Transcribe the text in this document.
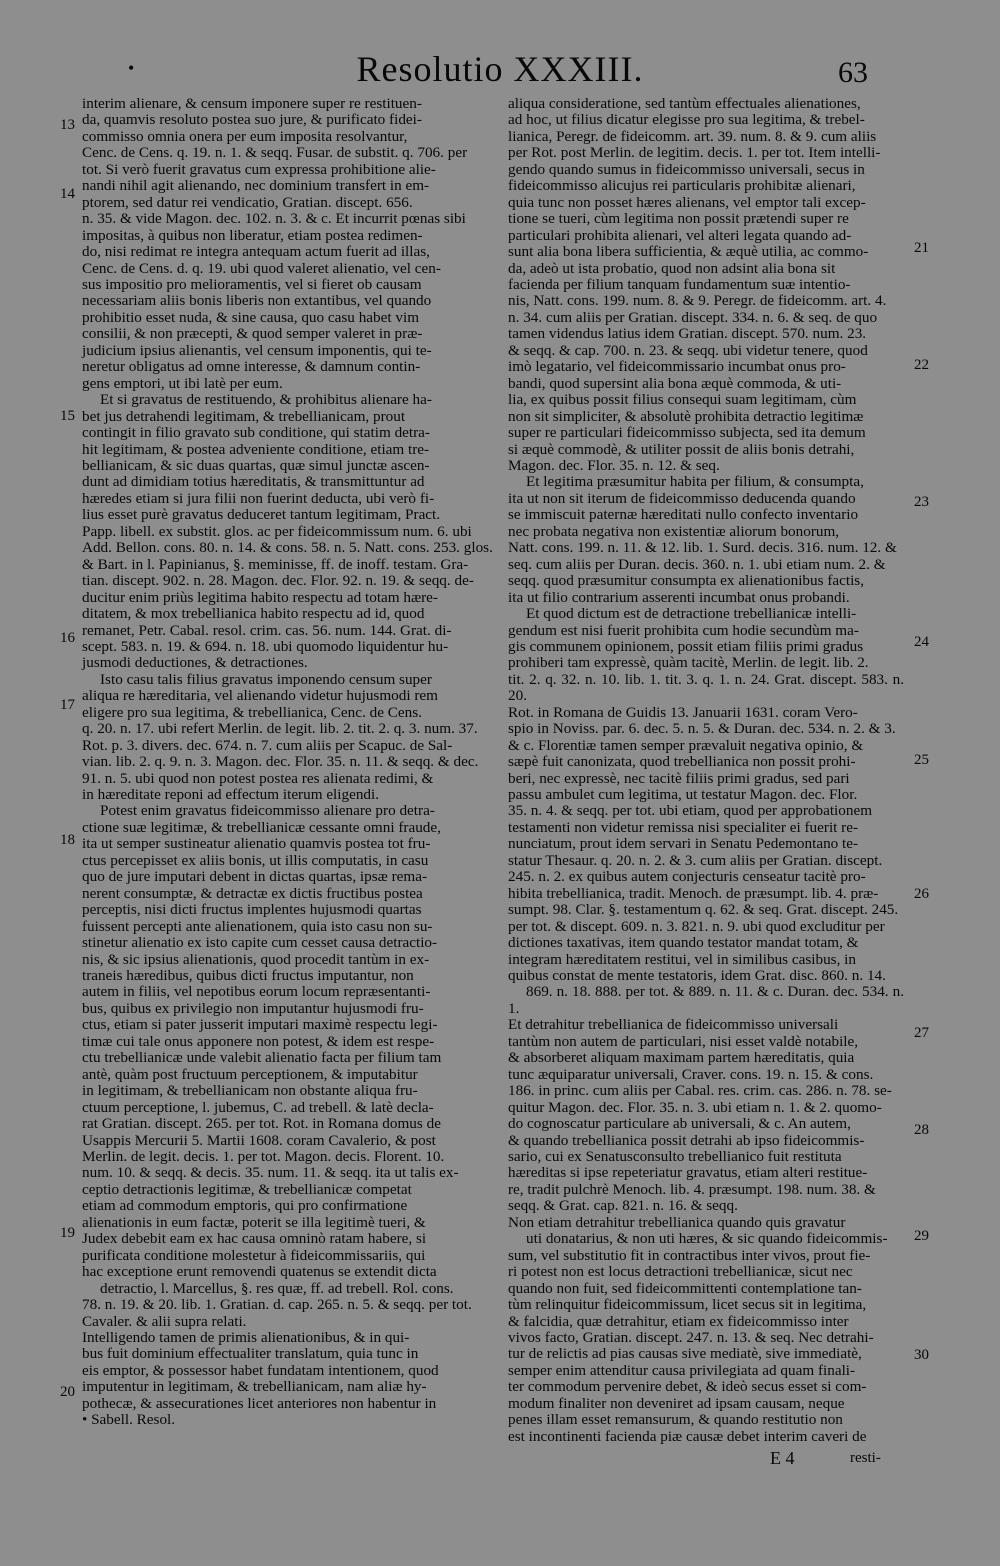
•	Resolutio XXXIII.	63

interim alienare, & censum imponere super re restituen-

da, quamvis resoluto postea suo jure, & purificato fidei-

commisso omnia onera per eum imposita resolvantur,

Cenc. de Cens. q. 19. n. 1. & seqq. Fusar. de substit. q. 706. per

tot. Si verò fuerit gravatus cum expressa prohibitione alie-

nandi nihil agit alienando, nec dominium transfert in em-

ptorem, sed datur rei vendicatio, Gratian. discept. 656.

n. 35. & vide Magon. dec. 102. n. 3. & c. Et incurrit pœnas sibi

impositas, à quibus non liberatur, etiam postea redimen-

do, nisi redimat re integra antequam actum fuerit ad illas,

Cenc. de Cens. d. q. 19. ubi quod valeret alienatio, vel cen-

sus impositio pro melioramentis, vel si fieret ob causam

necessariam aliis bonis liberis non extantibus, vel quando

prohibitio esset nuda, & sine causa, quo casu habet vim

consilii, & non præcepti, & quod semper valeret in præ-

judicium ipsius alienantis, vel censum imponentis, qui te-

neretur obligatus ad omne interesse, & damnum contin-

gens emptori, ut ibi latè per eum.

Et si gravatus de restituendo, & prohibitus alienare ha-

bet jus detrahendi legitimam, & trebellianicam, prout

contingit in filio gravato sub conditione, qui statim detra-

hit legitimam, & postea adveniente conditione, etiam tre-

bellianicam, & sic duas quartas, quæ simul junctæ ascen-

dunt ad dimidiam totius hæreditatis, & transmittuntur ad

hæredes etiam si jura filii non fuerint deducta, ubi verò fi-

lius esset purè gravatus deduceret tantum legitimam, Pract.

Papp. libell. ex substit. glos. ac per fideicommissum num. 6. ubi

Add. Bellon. cons. 80. n. 14. & cons. 58. n. 5. Natt. cons. 253. glos.

& Bart. in l. Papinianus, §. meminisse, ff. de inoff. testam. Gra-

tian. discept. 902. n. 28. Magon. dec. Flor. 92. n. 19. & seqq. de-

ducitur enim priùs legitima habito respectu ad totam hære-

ditatem, & mox trebellianica habito respectu ad id, quod

remanet, Petr. Cabal. resol. crim. cas. 56. num. 144. Grat. di-

scept. 583. n. 19. & 694. n. 18. ubi quomodo liquidentur hu-

jusmodi deductiones, & detractiones.

Isto casu talis filius gravatus imponendo censum super

aliqua re hæreditaria, vel alienando videtur hujusmodi rem

eligere pro sua legitima, & trebellianica, Cenc. de Cens.

q. 20. n. 17. ubi refert Merlin. de legit. lib. 2. tit. 2. q. 3. num. 37.

Rot. p. 3. divers. dec. 674. n. 7. cum aliis per Scapuc. de Sal-

vian. lib. 2. q. 9. n. 3. Magon. dec. Flor. 35. n. 11. & seqq. & dec.

91. n. 5. ubi quod non potest postea res alienata redimi, &

in hæreditate reponi ad effectum iterum eligendi.

Potest enim gravatus fideicommisso alienare pro detra-

ctione suæ legitimæ, & trebellianicæ cessante omni fraude,

ita ut semper sustineatur alienatio quamvis postea tot fru-

ctus percepisset ex aliis bonis, ut illis computatis, in casu

quo de jure imputari debent in dictas quartas, ipsæ rema-

nerent consumptæ, & detractæ ex dictis fructibus postea

perceptis, nisi dicti fructus implentes hujusmodi quartas

fuissent percepti ante alienationem, quia isto casu non su-

stinetur alienatio ex isto capite cum cesset causa detractio-

nis, & sic ipsius alienationis, quod procedit tantùm in ex-

traneis hæredibus, quibus dicti fructus imputantur, non

autem in filiis, vel nepotibus eorum locum repræsentanti-

bus, quibus ex privilegio non imputantur hujusmodi fru-

ctus, etiam si pater jusserit imputari maximè respectu legi-

timæ cui tale onus apponere non potest, & idem est respe-

ctu trebellianicæ unde valebit alienatio facta per filium tam

antè, quàm post fructuum perceptionem, & imputabitur

in legitimam, & trebellianicam non obstante aliqua fru-

ctuum perceptione, l. jubemus, C. ad trebell. & latè decla-

rat Gratian. discept. 265. per tot. Rot. in Romana domus de

Usappis Mercurii 5. Martii 1608. coram Cavalerio, & post

Merlin. de legit. decis. 1. per tot. Magon. decis. Florent. 10.

num. 10. & seqq. & decis. 35. num. 11. & seqq. ita ut talis ex-

ceptio detractionis legitimæ, & trebellianicæ competat

etiam ad commodum emptoris, qui pro confirmatione

alienationis in eum factæ, poterit se illa legitimè tueri, &

Judex debebit eam ex hac causa omninò ratam habere, si

purificata conditione molestetur à fideicommissariis, qui

hac exceptione erunt removendi quatenus se extendit dicta

detractio, l. Marcellus, §. res quæ, ff. ad trebell. Rol. cons.

78. n. 19. & 20. lib. 1. Gratian. d. cap. 265. n. 5. & seqq. per tot.

Cavaler. & alii supra relati.

Intelligendo tamen de primis alienationibus, & in qui-

bus fuit dominium effectualiter translatum, quia tunc in

eis emptor, & possessor habet fundatam intentionem, quod

imputentur in legitimam, & trebellianicam, nam aliæ hy-

pothecæ, & assecurationes licet anteriores non habentur in

• Sabell. Resol.

aliqua consideratione, sed tantùm effectuales alienationes,

ad hoc, ut filius dicatur elegisse pro sua legitima, & trebel-

lianica, Peregr. de fideicomm. art. 39. num. 8. & 9. cum aliis

per Rot. post Merlin. de legitim. decis. 1. per tot. Item intelli-

gendo quando sumus in fideicommisso universali, secus in

fideicommisso alicujus rei particularis prohibitæ alienari,

quia tunc non posset hæres alienans, vel emptor tali excep-

tione se tueri, cùm legitima non possit prætendi super re

particulari prohibita alienari, vel alteri legata quando ad-

sunt alia bona libera sufficientia, & æquè utilia, ac commo-

da, adeò ut ista probatio, quod non adsint alia bona sit

facienda per filium tanquam fundamentum suæ intentio-

nis, Natt. cons. 199. num. 8. & 9. Peregr. de fideicomm. art. 4.

n. 34. cum aliis per Gratian. discept. 334. n. 6. & seq. de quo

tamen videndus latius idem Gratian. discept. 570. num. 23.

& seqq. & cap. 700. n. 23. & seqq. ubi videtur tenere, quod

imò legatario, vel fideicommissario incumbat onus pro-

bandi, quod supersint alia bona æquè commoda, & uti-

lia, ex quibus possit filius consequi suam legitimam, cùm

non sit simpliciter, & absolutè prohibita detractio legitimæ

super re particulari fideicommisso subjecta, sed ita demum

si æquè commodè, & utiliter possit de aliis bonis detrahi,

Magon. dec. Flor. 35. n. 12. & seq.

Et legitima præsumitur habita per filium, & consumpta,

ita ut non sit iterum de fideicommisso deducenda quando

se immiscuit paternæ hæreditati nullo confecto inventario

nec probata negativa non existentiæ aliorum bonorum,

Natt. cons. 199. n. 11. & 12. lib. 1. Surd. decis. 316. num. 12. &

seq. cum aliis per Duran. decis. 360. n. 1. ubi etiam num. 2. &

seqq. quod præsumitur consumpta ex alienationibus factis,

ita ut filio contrarium asserenti incumbat onus probandi.

Et quod dictum est de detractione trebellianicæ intelli-

gendum est nisi fuerit prohibita cum hodie secundùm ma-

gis communem opinionem, possit etiam filiis primi gradus

prohiberi tam expressè, quàm tacitè, Merlin. de legit. lib. 2.

tit. 2. q. 32. n. 10. lib. 1. tit. 3. q. 1. n. 24. Grat. discept. 583. n. 20.

Rot. in Romana de Guidis 13. Januarii 1631. coram Vero-

spio in Noviss. par. 6. dec. 5. n. 5. & Duran. dec. 534. n. 2. & 3.

& c. Florentiæ tamen semper prævaluit negativa opinio, &

sæpè fuit canonizata, quod trebellianica non possit prohi-

beri, nec expressè, nec tacitè filiis primi gradus, sed pari

passu ambulet cum legitima, ut testatur Magon. dec. Flor.

35. n. 4. & seqq. per tot. ubi etiam, quod per approbationem

testamenti non videtur remissa nisi specialiter ei fuerit re-

nunciatum, prout idem servari in Senatu Pedemontano te-

statur Thesaur. q. 20. n. 2. & 3. cum aliis per Gratian. discept.

245. n. 2. ex quibus autem conjecturis censeatur tacitè pro-

hibita trebellianica, tradit. Menoch. de præsumpt. lib. 4. præ-

sumpt. 98. Clar. §. testamentum q. 62. & seq. Grat. discept. 245.

per tot. & discept. 609. n. 3. 821. n. 9. ubi quod excluditur per

dictiones taxativas, item quando testator mandat totam, &

integram hæreditatem restitui, vel in similibus casibus, in

quibus constat de mente testatoris, idem Grat. disc. 860. n. 14.

869. n. 18. 888. per tot. & 889. n. 11. & c. Duran. dec. 534. n. 1.

Et detrahitur trebellianica de fideicommisso universali

tantùm non autem de particulari, nisi esset valdè notabile,

& absorberet aliquam maximam partem hæreditatis, quia

tunc æquiparatur universali, Craver. cons. 19. n. 15. & cons.

186. in princ. cum aliis per Cabal. res. crim. cas. 286. n. 78. se-

quitur Magon. dec. Flor. 35. n. 3. ubi etiam n. 1. & 2. quomo-

do cognoscatur particulare ab universali, & c. An autem,

& quando trebellianica possit detrahi ab ipso fideicommis-

sario, cui ex Senatusconsulto trebellianico fuit restituta

hæreditas si ipse repeteriatur gravatus, etiam alteri restitue-

re, tradit pulchrè Menoch. lib. 4. præsumpt. 198. num. 38. &

seqq. & Grat. cap. 821. n. 16. & seqq.

Non etiam detrahitur trebellianica quando quis gravatur

uti donatarius, & non uti hæres, & sic quando fideicommis-

sum, vel substitutio fit in contractibus inter vivos, prout fie-

ri potest non est locus detractioni trebellianicæ, sicut nec

quando non fuit, sed fideicommittenti contemplatione tan-

tùm relinquitur fideicommissum, licet secus sit in legitima,

& falcidia, quæ detrahitur, etiam ex fideicommisso inter

vivos facto, Gratian. discept. 247. n. 13. & seq. Nec detrahi-

tur de relictis ad pias causas sive mediatè, sive immediatè,

semper enim attenditur causa privilegiata ad quam finali-

ter commodum pervenire debet, & ideò secus esset si com-

modum finaliter non deveniret ad ipsam causam, neque

penes illam esset remansurum, & quando restitutio non

est incontinenti facienda piæ causæ debet interim caveri de

13
14
15
16
17
18
19
20
21
22
23
24
25
26
27
28
29
30
E 4	resti-
